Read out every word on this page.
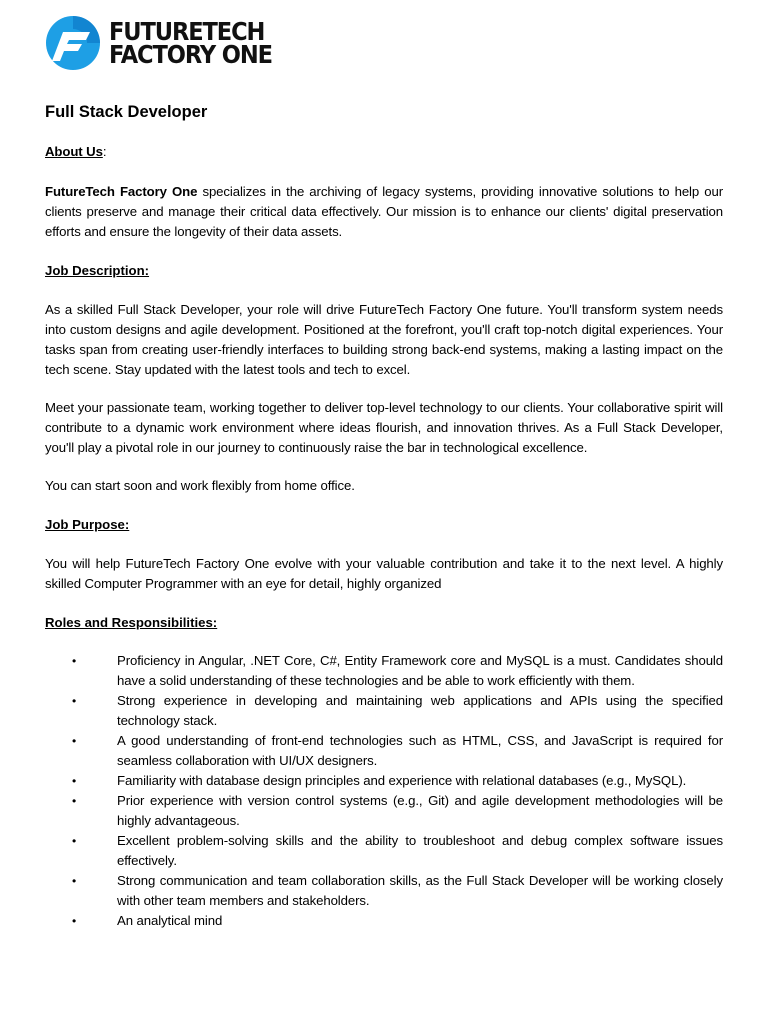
FUTURETECH
FACTORY ONE
Full Stack Developer
About Us:
FutureTech Factory One specializes in the archiving of legacy systems, providing innovative solutions to help our clients preserve and manage their critical data effectively. Our mission is to enhance our clients' digital preservation efforts and ensure the longevity of their data assets.
Job Description:
As a skilled Full Stack Developer, your role will drive FutureTech Factory One future. You'll transform system needs into custom designs and agile development. Positioned at the forefront, you'll craft top-notch digital experiences. Your tasks span from creating user-friendly interfaces to building strong back-end systems, making a lasting impact on the tech scene. Stay updated with the latest tools and tech to excel.
Meet your passionate team, working together to deliver top-level technology to our clients. Your collaborative spirit will contribute to a dynamic work environment where ideas flourish, and innovation thrives. As a Full Stack Developer, you'll play a pivotal role in our journey to continuously raise the bar in technological excellence.
You can start soon and work flexibly from home office.
Job Purpose:
You will help FutureTech Factory One evolve with your valuable contribution and take it to the next level. A highly skilled Computer Programmer with an eye for detail, highly organized
Roles and Responsibilities:
•	Proficiency in Angular, .NET Core, C#, Entity Framework core and MySQL is a must. Candidates should have a solid understanding of these technologies and be able to work efficiently with them.
•	Strong experience in developing and maintaining web applications and APIs using the specified technology stack.
•	A good understanding of front-end technologies such as HTML, CSS, and JavaScript is required for seamless collaboration with UI/UX designers.
•	Familiarity with database design principles and experience with relational databases (e.g., MySQL).
•	Prior experience with version control systems (e.g., Git) and agile development methodologies will be highly advantageous.
•	Excellent problem-solving skills and the ability to troubleshoot and debug complex software issues effectively.
•	Strong communication and team collaboration skills, as the Full Stack Developer will be working closely with other team members and stakeholders.
•	An analytical mind
